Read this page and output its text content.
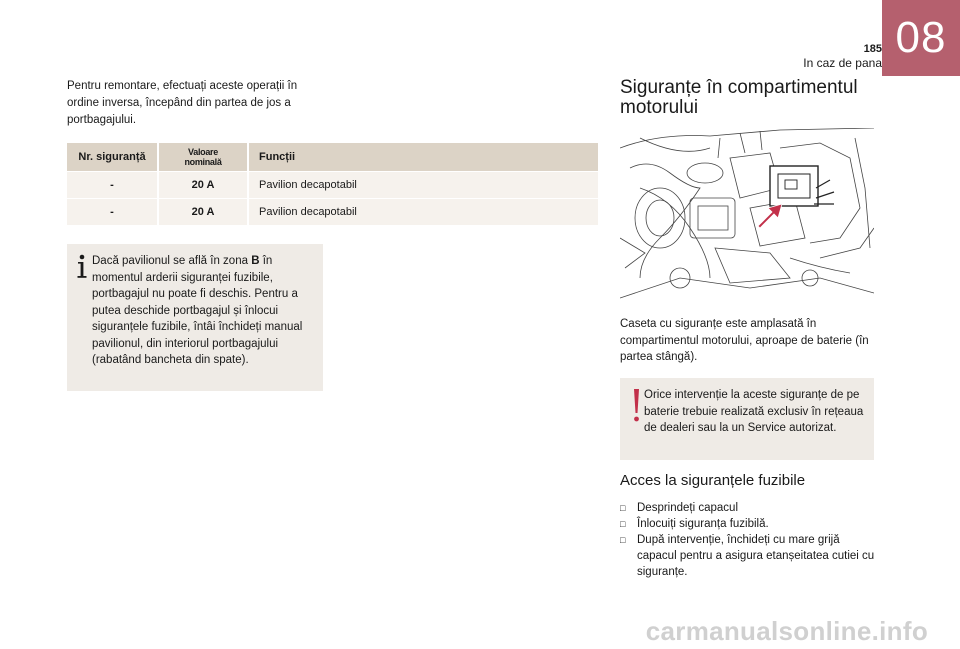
185
In caz de pana
08
Pentru remontare, efectuați aceste operații în ordine inversa, începând din partea de jos a portbagajului.
Nr. siguranță	Valoare nominală	Funcții
-	20 A	Pavilion decapotabil
-	20 A	Pavilion decapotabil
Dacă pavilionul se află în zona B în momentul arderii siguranței fuzibile, portbagajul nu poate fi deschis. Pentru a putea deschide portbagajul și înlocui siguranțele fuzibile, întâi închideți manual pavilionul, din interiorul portbagajului (rabatând bancheta din spate).
Siguranțe în compartimentul motorului
Caseta cu siguranțe este amplasată în compartimentul motorului, aproape de baterie (în partea stângă).
Orice intervenție la aceste siguranțe de pe baterie trebuie realizată exclusiv în rețeaua de dealeri sau la un Service autorizat.
Acces la siguranțele fuzibile
□ Desprindeți capacul
□ Înlocuiți siguranța fuzibilă.
□ După intervenție, închideți cu mare grijă capacul pentru a asigura etanșeitatea cutiei cu siguranțe.
carmanualsonline.info
